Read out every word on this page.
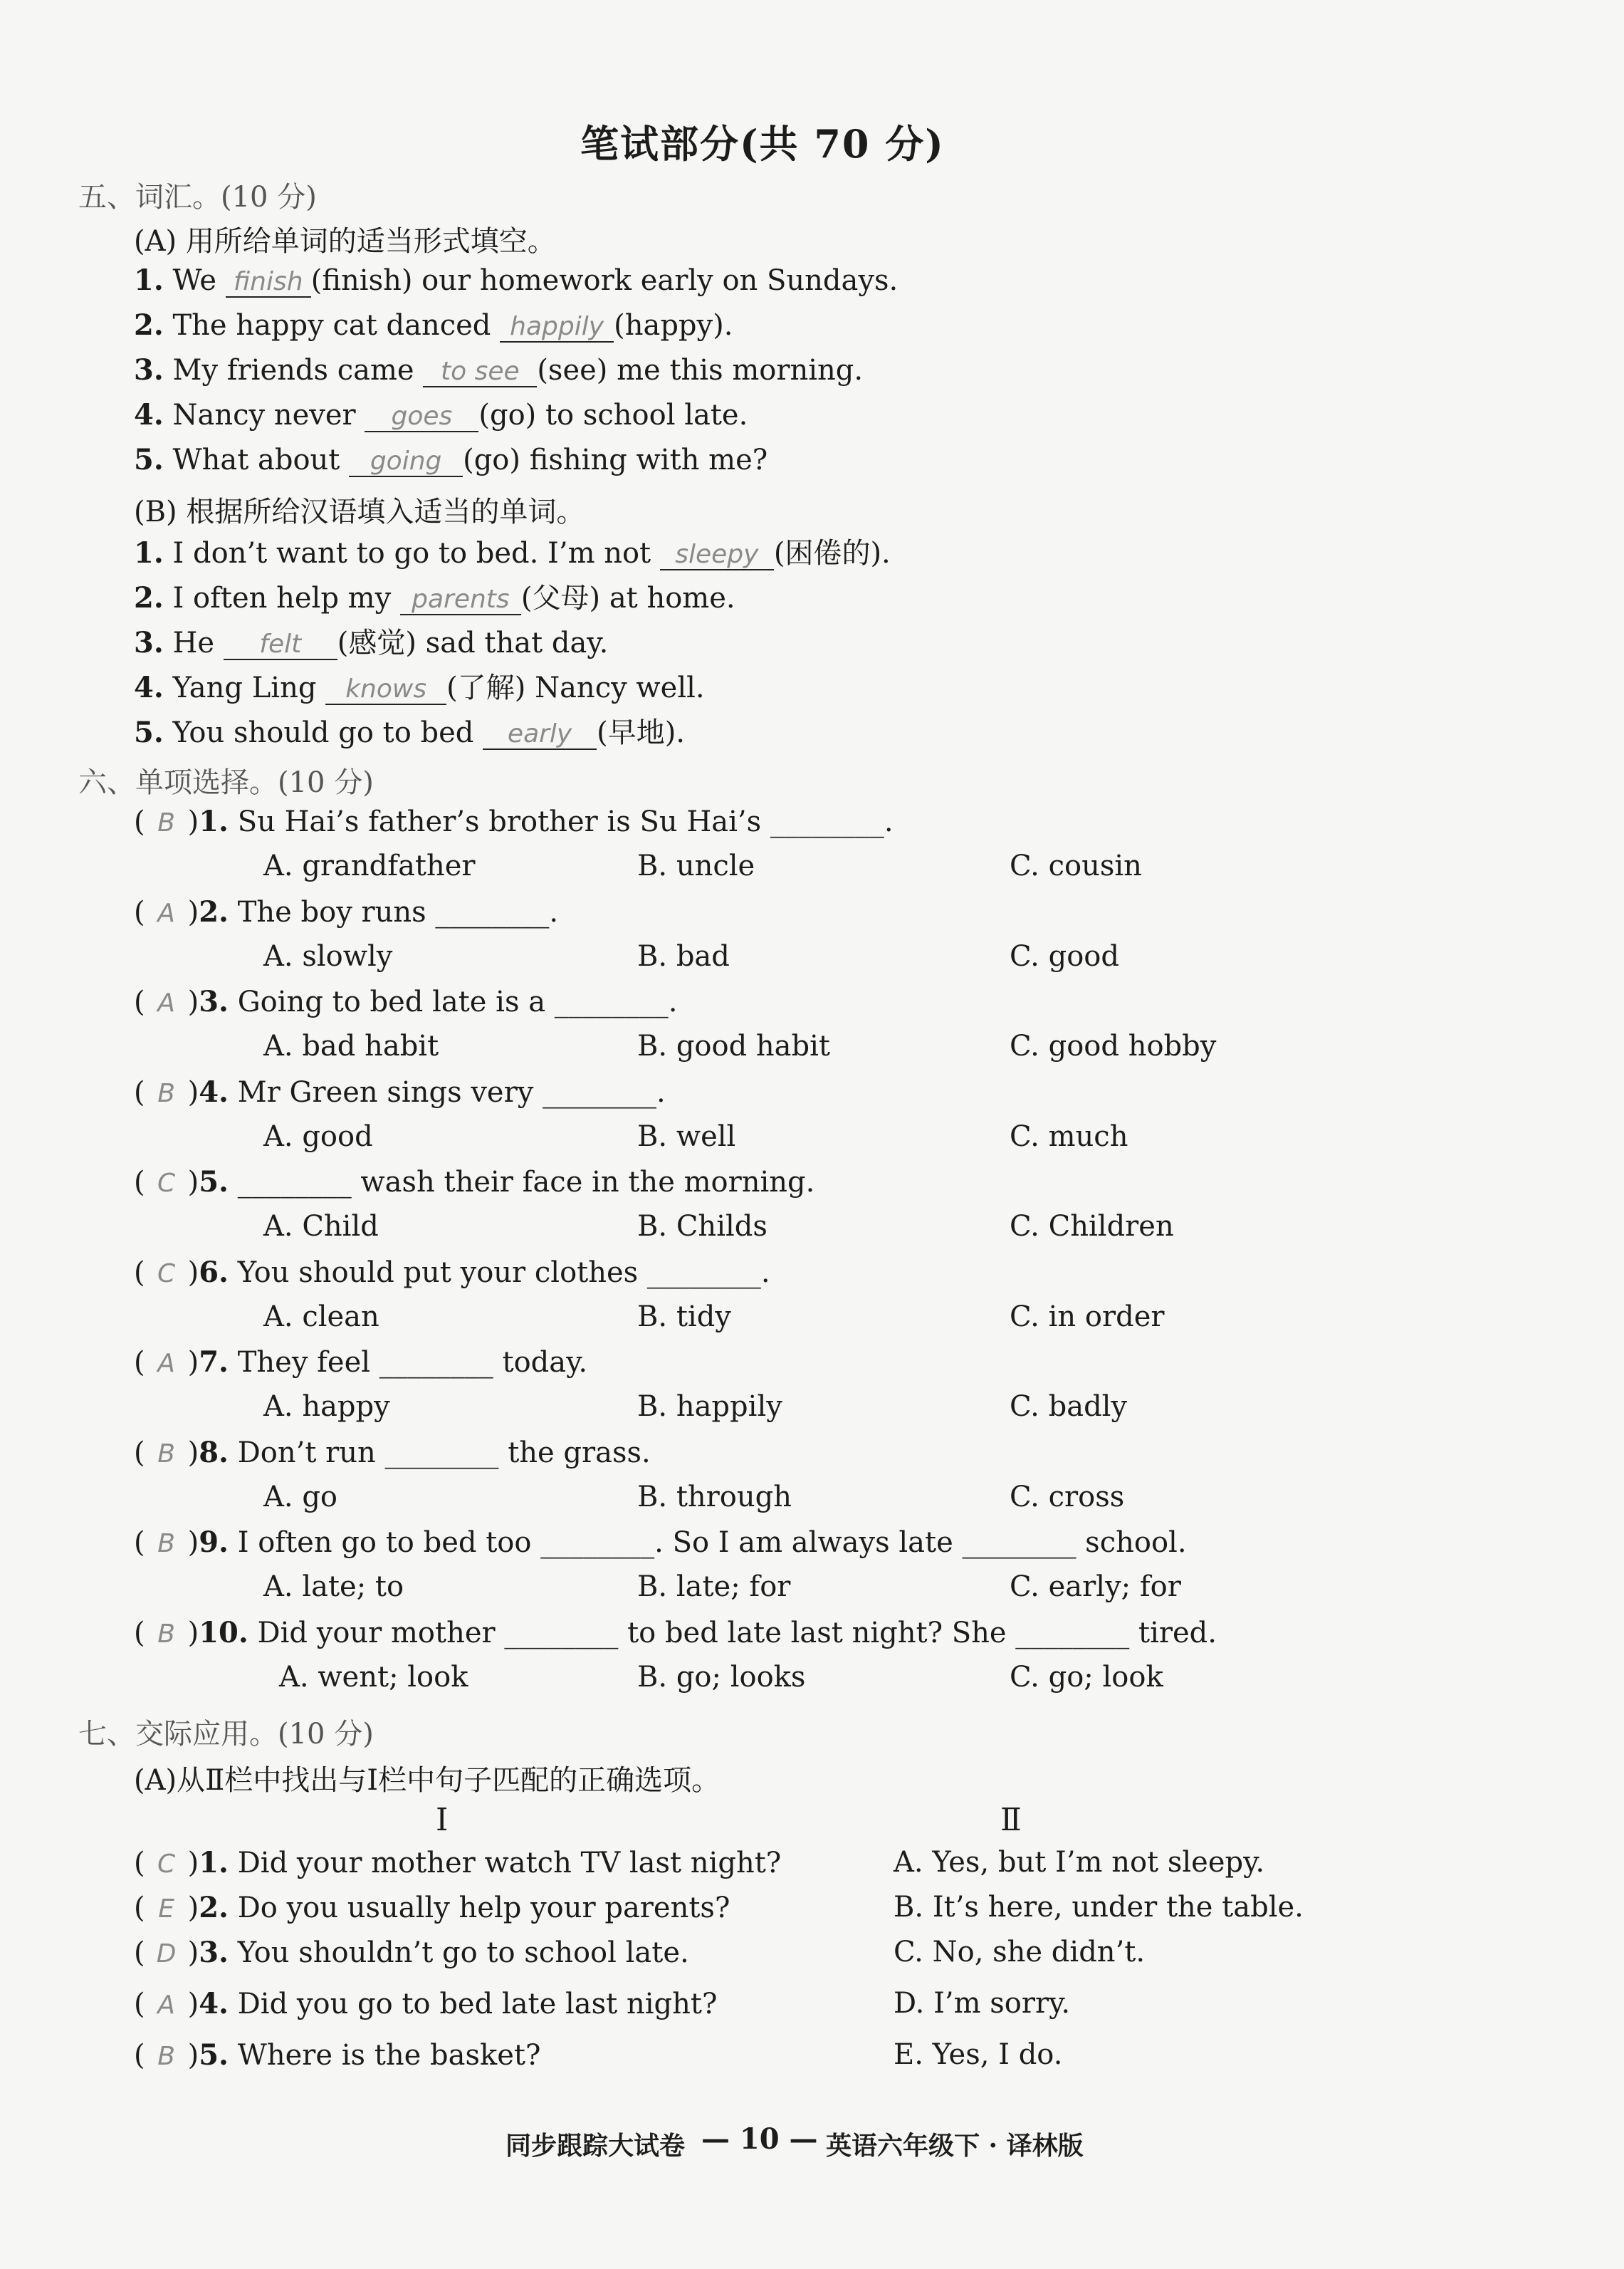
笔试部分(共 70 分)
五、词汇。(10 分)
(A) 用所给单词的适当形式填空。
1. We finish (finish) our homework early on Sundays.
2. The happy cat danced happily (happy).
3. My friends came to see (see) me this morning.
4. Nancy never goes (go) to school late.
5. What about going (go) fishing with me?
(B) 根据所给汉语填入适当的单词。
1. I don’t want to go to bed. I’m not sleepy (困倦的).
2. I often help my parents (父母) at home.
3. He felt (感觉) sad that day.
4. Yang Ling knows (了解) Nancy well.
5. You should go to bed early (早地).
六、单项选择。(10 分)
( B )1. Su Hai’s father’s brother is Su Hai’s ________.
A. grandfather	B. uncle	C. cousin
( A )2. The boy runs ________.
A. slowly	B. bad	C. good
( A )3. Going to bed late is a ________.
A. bad habit	B. good habit	C. good hobby
( B )4. Mr Green sings very ________.
A. good	B. well	C. much
( C )5. ________ wash their face in the morning.
A. Child	B. Childs	C. Children
( C )6. You should put your clothes ________.
A. clean	B. tidy	C. in order
( A )7. They feel ________ today.
A. happy	B. happily	C. badly
( B )8. Don’t run ________ the grass.
A. go	B. through	C. cross
( B )9. I often go to bed too ________. So I am always late ________ school.
A. late; to	B. late; for	C. early; for
( B )10. Did your mother ________ to bed late last night? She ________ tired.
A. went; look	B. go; looks	C. go; look
七、交际应用。(10 分)
(A)从Ⅱ栏中找出与Ⅰ栏中句子匹配的正确选项。
Ⅰ	Ⅱ
( C )1. Did your mother watch TV last night?	A. Yes, but I’m not sleepy.
( E )2. Do you usually help your parents?	B. It’s here, under the table.
( D )3. You shouldn’t go to school late.	C. No, she didn’t.
( A )4. Did you go to bed late last night?	D. I’m sorry.
( B )5. Where is the basket?	E. Yes, I do.
同步跟踪大试卷 — 10 — 英语六年级下 · 译林版
